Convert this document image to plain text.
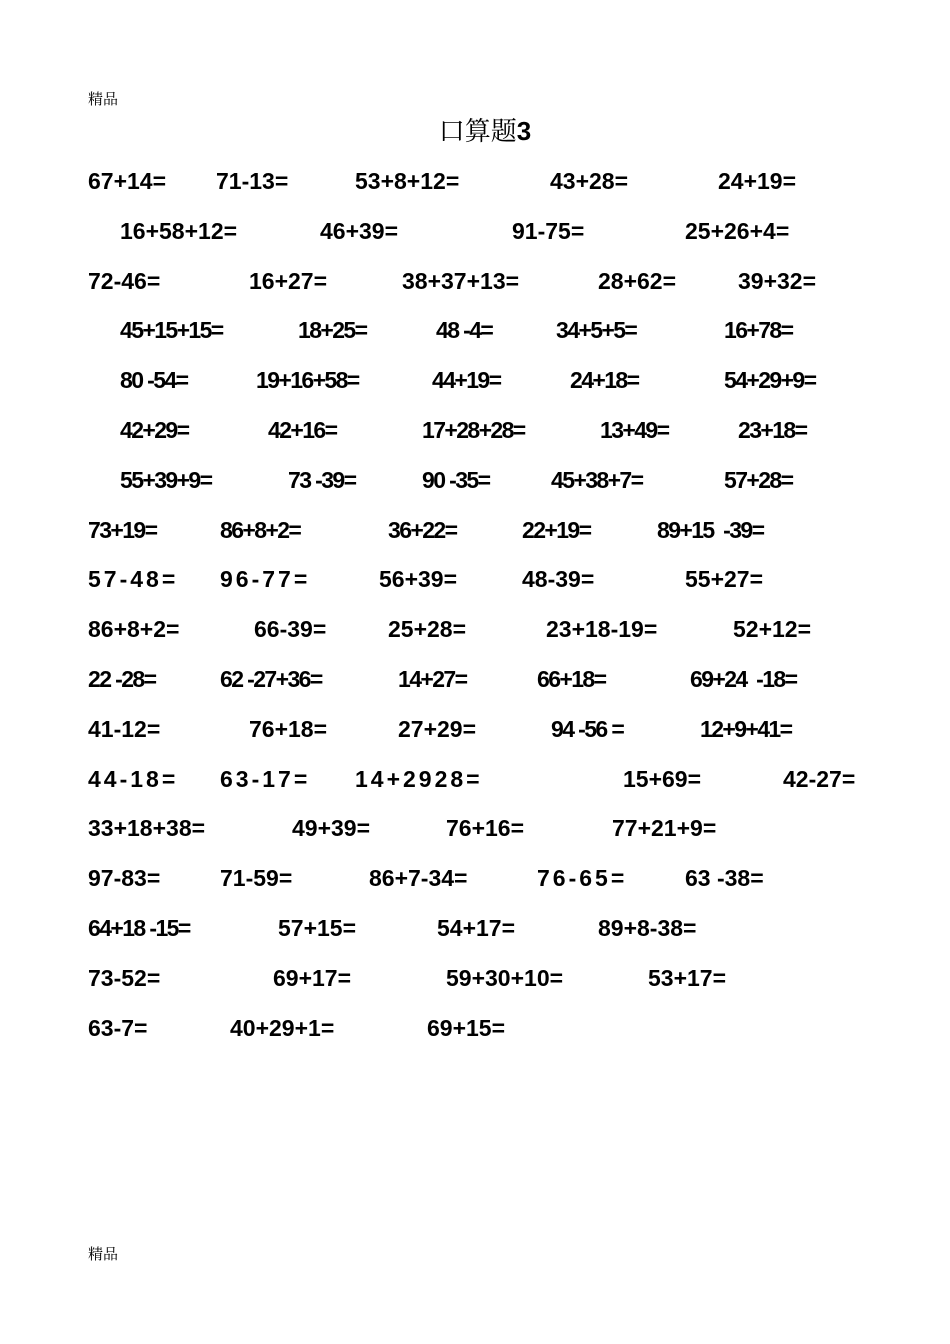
精品
口算题3
67+14= 71-13=	53+8+12=	43+28=	24+19=
16+58+12=	46+39=	91-75=	25+26+4=
72-46=	16+27=	38+37+13=	28+62=	39+32=
45+15+15=	18+25=	48 -4=	34+5+5=	16+78=
80 -54=	19+16+58=	44+19=	24+18=	54+29+9=
42+29=	42+16=	17+28+28=	13+49=	23+18=
55+39+9=	73 -39=	90 -35=	45+38+7=	57+28=
73+19=	86+8+2=	36+22=	22+19=	89+15  -39=
57-48= 96-77=	56+39=	48-39=	55+27=
86+8+2=	66-39=	25+28=	23+18-19=	52+12=
22 -28=	62 -27+36=	14+27=	66+18=	69+24  -18=
41-12=	76+18=	27+29=	94 -56 =	12+9+41=
44-18= 63-17= 14+2928=	15+69=	42-27=
33+18+38=	49+39=	76+16=	77+21+9=
97-83=	71-59=	86+7-34=	76-65=	63 -38=
64+18 -15=	57+15=	54+17=	89+8-38=
73-52=	69+17=	59+30+10=	53+17=
63-7=	40+29+1=	69+15=
精品
